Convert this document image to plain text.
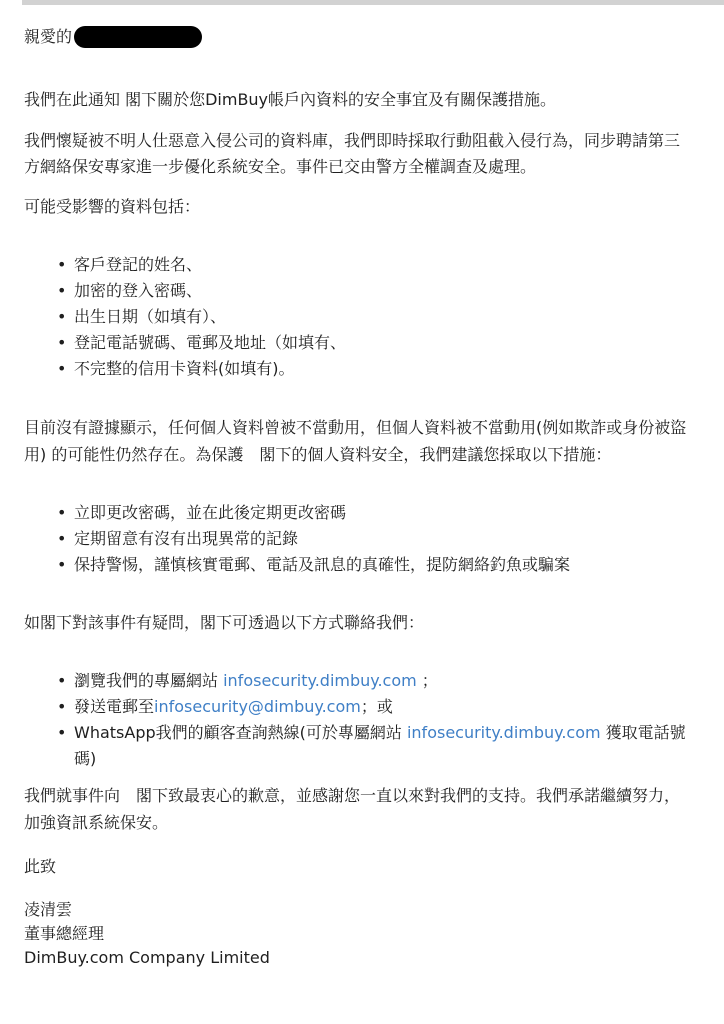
親愛的

我們在此通知 閣下關於您DimBuy帳戶內資料的安全事宜及有關保護措施。

我們懷疑被不明人仕惡意入侵公司的資料庫，我們即時採取行動阻截入侵行為，同步聘請第三方網絡保安專家進一步優化系統安全。事件已交由警方全權調查及處理。

可能受影響的資料包括：

• 客戶登記的姓名、
• 加密的登入密碼、
• 出生日期（如填有）、
• 登記電話號碼、電郵及地址（如填有、
• 不完整的信用卡資料(如填有)。

目前沒有證據顯示，任何個人資料曾被不當動用，但個人資料被不當動用(例如欺詐或身份被盜用) 的可能性仍然存在。為保護　閣下的個人資料安全，我們建議您採取以下措施：

• 立即更改密碼，並在此後定期更改密碼
• 定期留意有沒有出現異常的記錄
• 保持警惕，謹慎核實電郵、電話及訊息的真確性，提防網絡釣魚或騙案

如閣下對該事件有疑問，閣下可透過以下方式聯絡我們：

• 瀏覽我們的專屬網站 infosecurity.dimbuy.com ；
• 發送電郵至infosecurity@dimbuy.com；或
• WhatsApp我們的顧客查詢熱線(可於專屬網站 infosecurity.dimbuy.com 獲取電話號碼)

我們就事件向　閣下致最衷心的歉意，並感謝您一直以來對我們的支持。我們承諾繼續努力，加強資訊系統保安。

此致

凌清雲

董事總經理

DimBuy.com Company Limited
